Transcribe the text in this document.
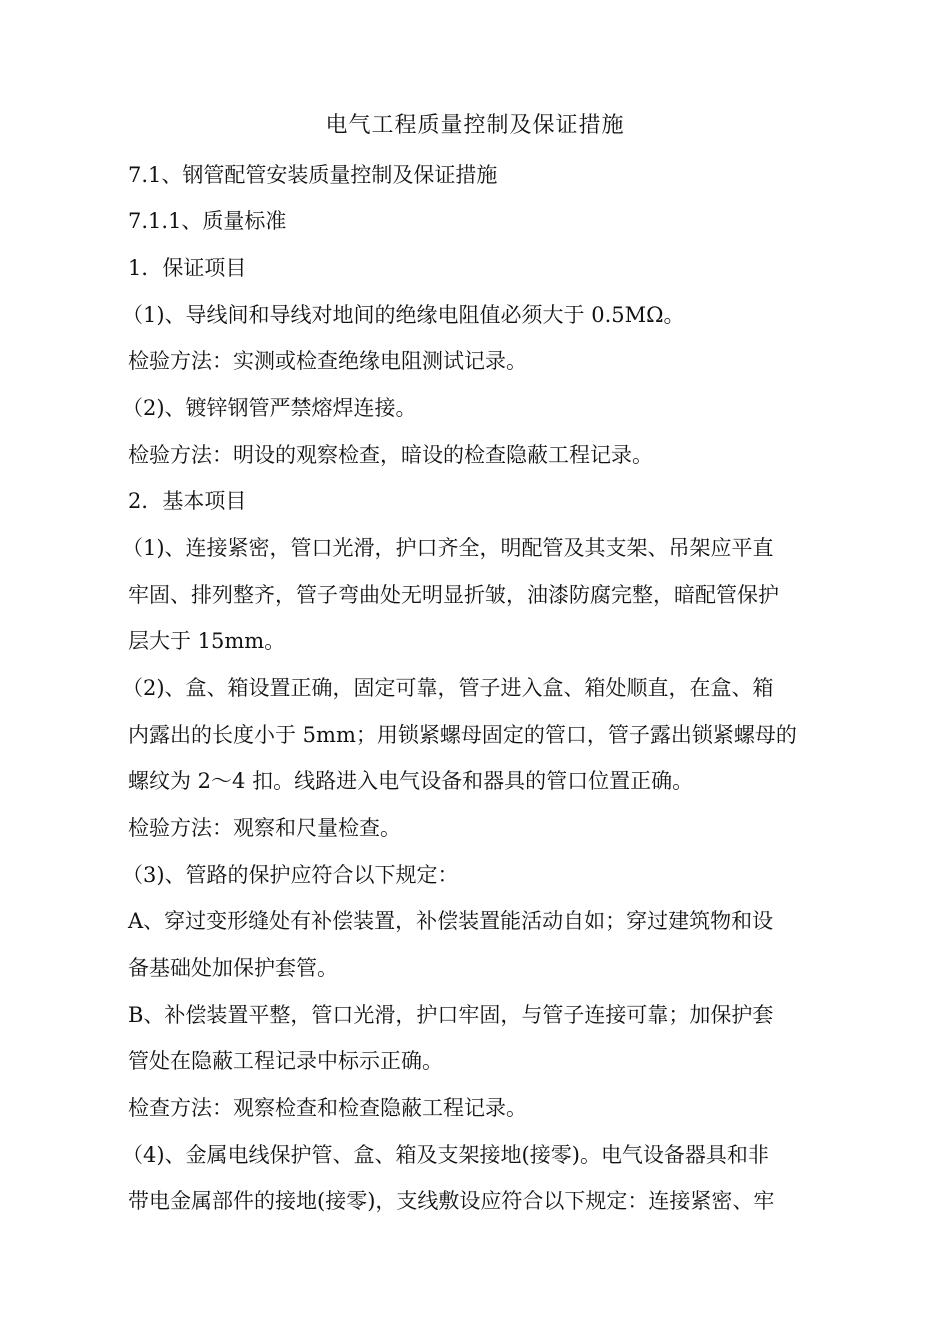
电气工程质量控制及保证措施
7.1、钢管配管安装质量控制及保证措施
7.1.1、质量标准
1．保证项目
（1)、导线间和导线对地间的绝缘电阻值必须大于 0.5MΩ。
检验方法：实测或检查绝缘电阻测试记录。
（2)、镀锌钢管严禁熔焊连接。
检验方法：明设的观察检查，暗设的检查隐蔽工程记录。
2．基本项目
（1)、连接紧密，管口光滑，护口齐全，明配管及其支架、吊架应平直
牢固、排列整齐，管子弯曲处无明显折皱，油漆防腐完整，暗配管保护
层大于 15mm。
（2)、盒、箱设置正确，固定可靠，管子进入盒、箱处顺直，在盒、箱
内露出的长度小于 5mm；用锁紧螺母固定的管口，管子露出锁紧螺母的
螺纹为 2～4 扣。线路进入电气设备和器具的管口位置正确。
检验方法：观察和尺量检查。
（3)、管路的保护应符合以下规定：
A、穿过变形缝处有补偿装置，补偿装置能活动自如；穿过建筑物和设
备基础处加保护套管。
B、补偿装置平整，管口光滑，护口牢固，与管子连接可靠；加保护套
管处在隐蔽工程记录中标示正确。
检查方法：观察检查和检查隐蔽工程记录。
（4)、金属电线保护管、盒、箱及支架接地(接零)。电气设备器具和非
带电金属部件的接地(接零)，支线敷设应符合以下规定：连接紧密、牢
